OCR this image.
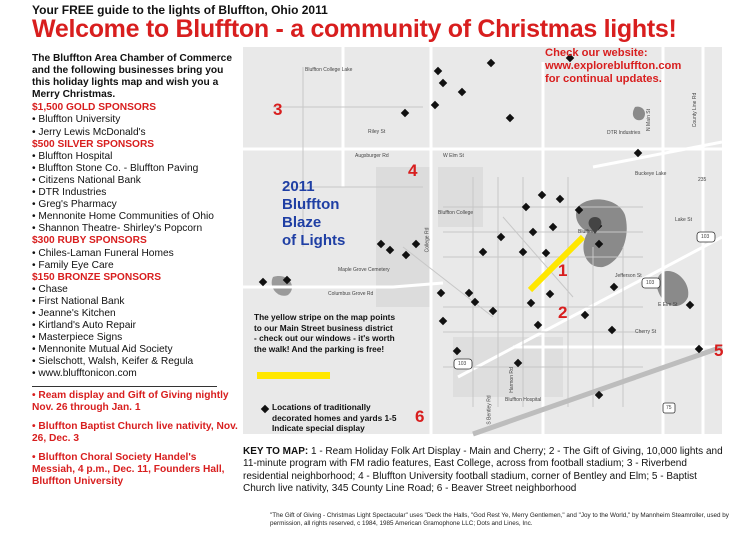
Your FREE guide to the lights of Bluffton, Ohio 2011
Welcome to Bluffton - a community of Christmas lights!
The Bluffton Area Chamber of Commerce and the following businesses bring you this holiday lights map and wish you a Merry Christmas.
$1,500 GOLD SPONSORS
• Bluffton University
• Jerry Lewis McDonald's
$500 SILVER SPONSORS
• Bluffton Hospital
• Bluffton Stone Co. - Bluffton Paving
• Citizens National Bank
• DTR Industries
• Greg's Pharmacy
• Mennonite Home Communities of Ohio
• Shannon Theatre- Shirley's Popcorn
$300 RUBY SPONSORS
• Chiles-Laman Funeral Homes
• Family Eye Care
$150 BRONZE SPONSORS
• Chase
• First National Bank
• Jeanne's Kitchen
• Kirtland's Auto Repair
• Masterpiece Signs
• Mennonite Mutual Aid Society
• Sielschott, Walsh, Keifer & Regula
• www.blufftonicon.com
• Ream display and Gift of Giving nightly Nov. 26 through Jan. 1
• Bluffton Baptist Church live nativity, Nov. 26, Dec. 3
• Bluffton Choral Society Handel's Messiah, 4 p.m., Dec. 11, Founders Hall, Bluffton University
Bluffton College Lake
Augsburger Rd	W Elm St
Columbus Grove Rd
DTR Industries
Bluffton
Bluffton College
Buckeye Lake
Bluffton Hospital
Maple Grove Cemetery
College Rd
N Main St	County Line Rd
Cherry St
E Elm St
Jefferson St
Lake St
Riley St
Harmon Rd
S Bentley Rd
103
103
103
75
235
3
4
1
2
5
6
Check our website:
www.explorebluffton.com
for continual updates.
2011
Bluffton
Blaze
of Lights
The yellow stripe on the map points to our Main Street business district - check out our windows - it's worth the walk! And the parking is free!
Locations of traditionally decorated homes and yards 1-5 Indicate special display
KEY TO MAP: 1 - Ream Holiday Folk Art Display - Main and Cherry; 2 - The Gift of Giving, 10,000 lights and 11-minute program with FM radio features, East College, across from football stadium; 3 - Riverbend residential neighborhood; 4 - Bluffton University football stadium, corner of Bentley and Elm; 5 - Baptist Church live nativity, 345 County Line Road; 6 - Beaver Street neighborhood
"The Gift of Giving - Christmas Light Spectacular" uses "Deck the Halls, "God Rest Ye, Merry Gentlemen," and "Joy to the World," by Mannheim Steamroller, used by permission, all rights reserved, c 1984, 1985 American Gramophone LLC; Dots and Lines, Inc.
